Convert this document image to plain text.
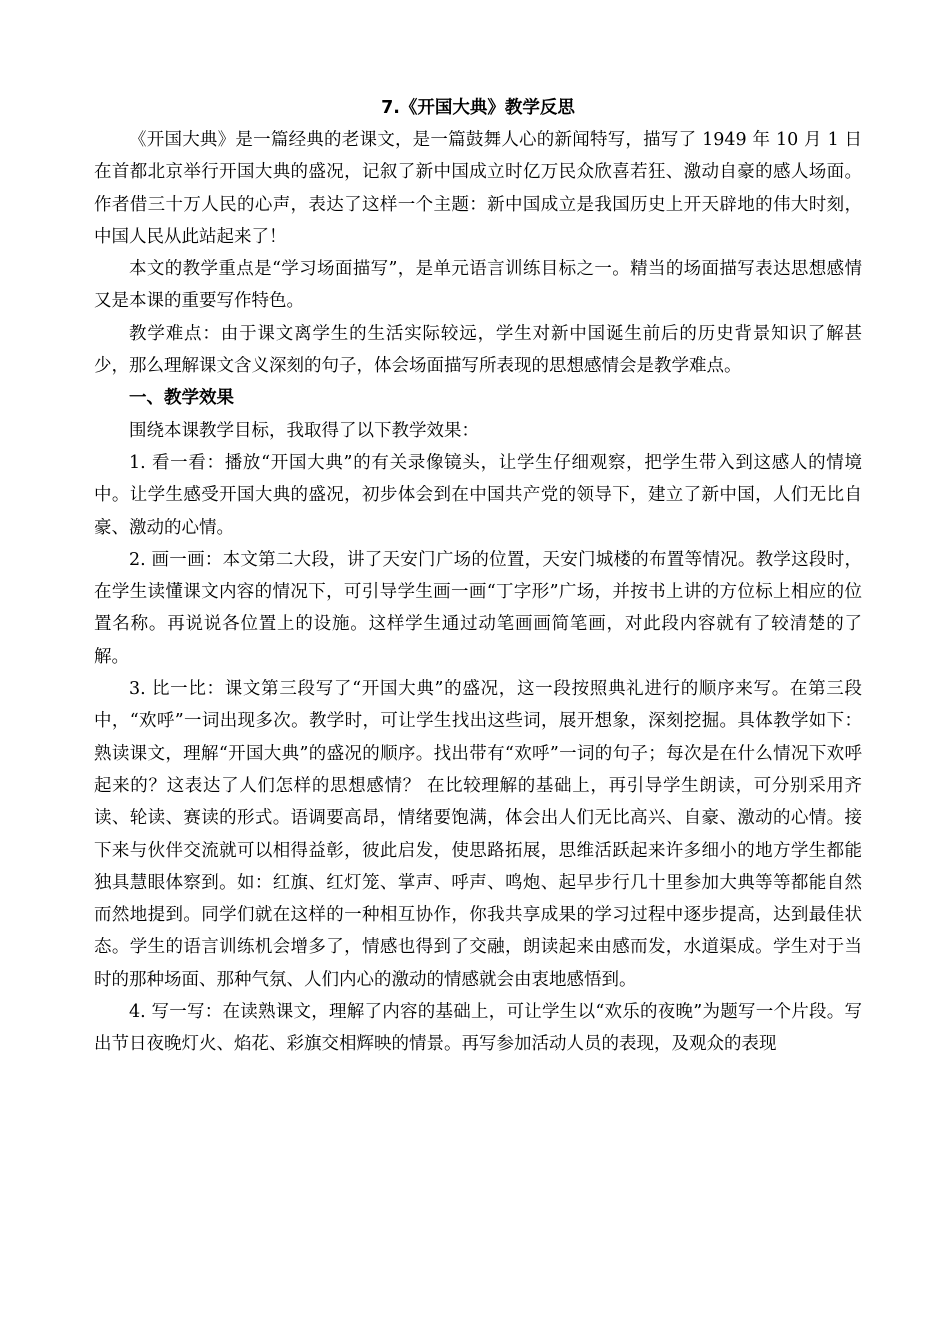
7.《开国大典》教学反思

《开国大典》是一篇经典的老课文，是一篇鼓舞人心的新闻特写，描写了 1949 年 10 月 1 日在首都北京举行开国大典的盛况，记叙了新中国成立时亿万民众欣喜若狂、激动自豪的感人场面。作者借三十万人民的心声，表达了这样一个主题：新中国成立是我国历史上开天辟地的伟大时刻，中国人民从此站起来了！

本文的教学重点是“学习场面描写”，是单元语言训练目标之一。精当的场面描写表达思想感情又是本课的重要写作特色。

教学难点：由于课文离学生的生活实际较远，学生对新中国诞生前后的历史背景知识了解甚少，那么理解课文含义深刻的句子，体会场面描写所表现的思想感情会是教学难点。

一、教学效果

围绕本课教学目标，我取得了以下教学效果：

1. 看一看：播放“开国大典”的有关录像镜头，让学生仔细观察，把学生带入到这感人的情境中。让学生感受开国大典的盛况，初步体会到在中国共产党的领导下，建立了新中国，人们无比自豪、激动的心情。

2. 画一画：本文第二大段，讲了天安门广场的位置，天安门城楼的布置等情况。教学这段时，在学生读懂课文内容的情况下，可引导学生画一画“丁字形”广场，并按书上讲的方位标上相应的位置名称。再说说各位置上的设施。这样学生通过动笔画画简笔画，对此段内容就有了较清楚的了解。

3. 比一比：课文第三段写了“开国大典”的盛况，这一段按照典礼进行的顺序来写。在第三段中，“欢呼”一词出现多次。教学时，可让学生找出这些词，展开想象，深刻挖掘。具体教学如下：熟读课文，理解“开国大典”的盛况的顺序。找出带有“欢呼”一词的句子；每次是在什么情况下欢呼起来的？这表达了人们怎样的思想感情？ 在比较理解的基础上，再引导学生朗读，可分别采用齐读、轮读、赛读的形式。语调要高昂，情绪要饱满，体会出人们无比高兴、自豪、激动的心情。接下来与伙伴交流就可以相得益彰，彼此启发，使思路拓展，思维活跃起来许多细小的地方学生都能独具慧眼体察到。如：红旗、红灯笼、掌声、呼声、鸣炮、起早步行几十里参加大典等等都能自然而然地提到。同学们就在这样的一种相互协作，你我共享成果的学习过程中逐步提高，达到最佳状态。学生的语言训练机会增多了，情感也得到了交融，朗读起来由感而发，水道渠成。学生对于当时的那种场面、那种气氛、人们内心的激动的情感就会由衷地感悟到。

4. 写一写：在读熟课文，理解了内容的基础上，可让学生以“欢乐的夜晚”为题写一个片段。写出节日夜晚灯火、焰花、彩旗交相辉映的情景。再写参加活动人员的表现，及观众的表现
